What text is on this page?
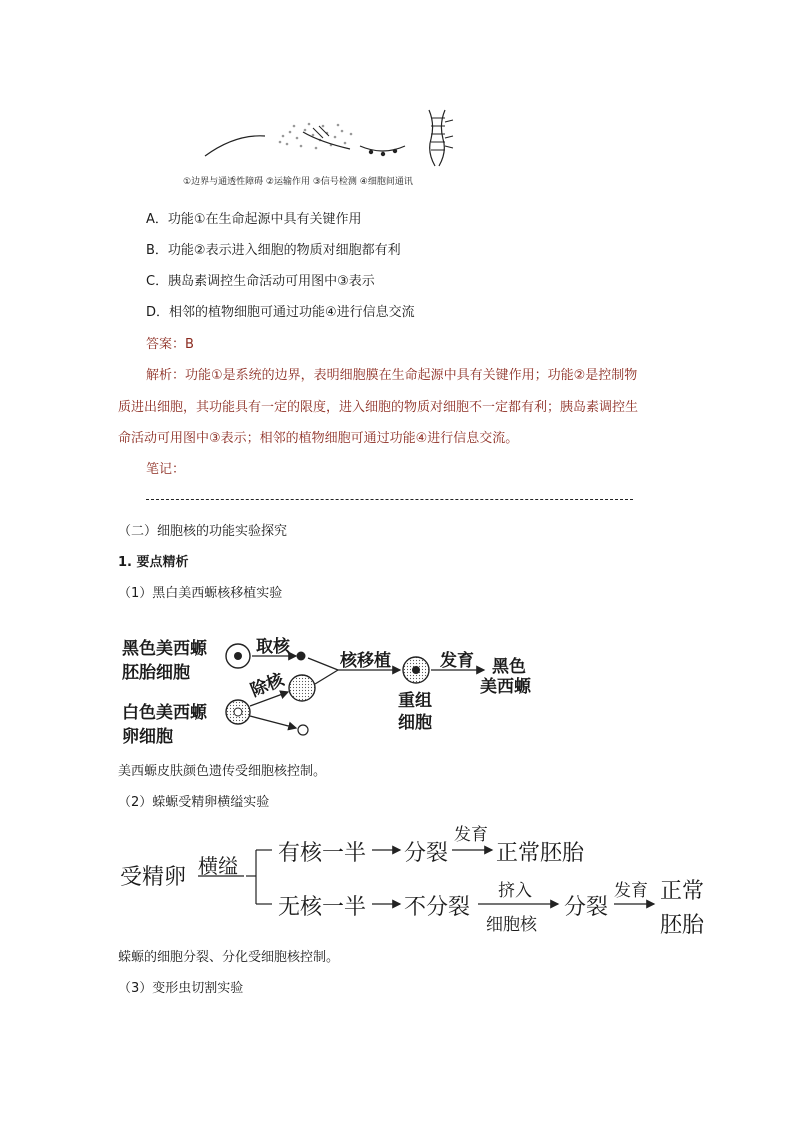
①边界与通透性障碍 ②运输作用 ③信号检测 ④细胞间通讯
A．功能①在生命起源中具有关键作用
B．功能②表示进入细胞的物质对细胞都有利
C．胰岛素调控生命活动可用图中③表示
D．相邻的植物细胞可通过功能④进行信息交流
答案：B
解析：功能①是系统的边界，表明细胞膜在生命起源中具有关键作用；功能②是控制物
质进出细胞，其功能具有一定的限度，进入细胞的物质对细胞不一定都有利；胰岛素调控生
命活动可用图中③表示；相邻的植物细胞可通过功能④进行信息交流。
笔记：
（二）细胞核的功能实验探究
1. 要点精析
（1）黑白美西螈核移植实验
黑色美西螈
胚胎细胞
白色美西螈
卵细胞
取核
除核
核移植
重组
细胞
发育 黑色
美西螈
美西螈皮肤颜色遗传受细胞核控制。
（2）蝾螈受精卵横缢实验
受精卵 横缢 有核一半 分裂
发育
正常胚胎
无核一半 不分裂
挤入
细胞核
分裂
发育 正常
胚胎
蝾螈的细胞分裂、分化受细胞核控制。
（3）变形虫切割实验
